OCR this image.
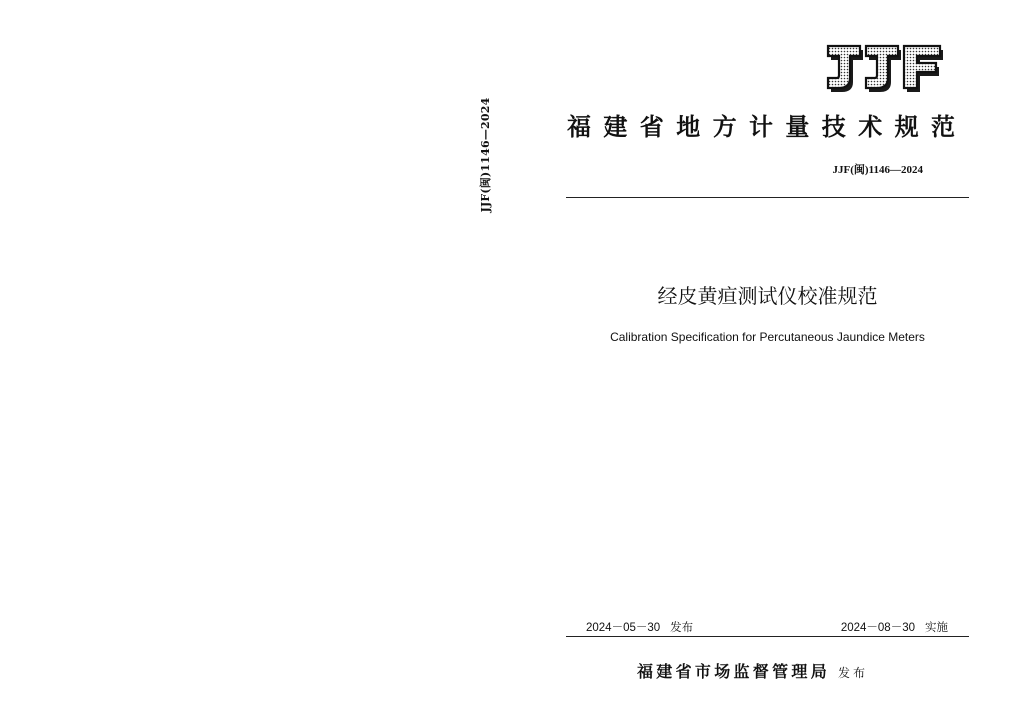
JJF(闽)1146—2024	福建省地方计量技术规范
JJF(闽)1146—2024
经皮黄疸测试仪校准规范
Calibration Specification for Percutaneous Jaundice Meters
2024－05－30 发布	2024－08－30 实施
福建省市场监督管理局 发布
